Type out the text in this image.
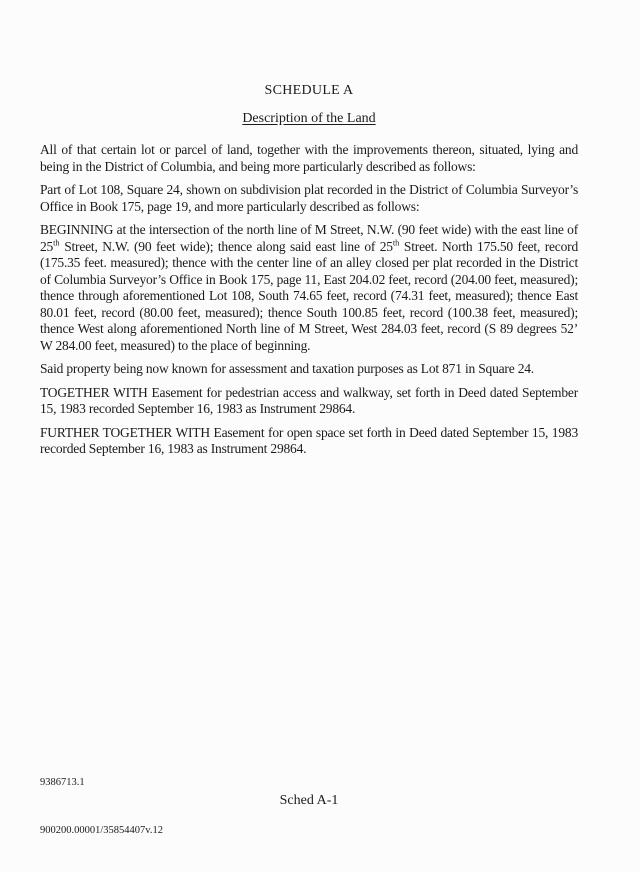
SCHEDULE A
Description of the Land

All of that certain lot or parcel of land, together with the improvements thereon, situated, lying and being in the District of Columbia, and being more particularly described as follows:

Part of Lot 108, Square 24, shown on subdivision plat recorded in the District of Columbia Surveyor’s Office in Book 175, page 19, and more particularly described as follows:

BEGINNING at the intersection of the north line of M Street, N.W. (90 feet wide) with the east line of 25th Street, N.W. (90 feet wide); thence along said east line of 25th Street. North 175.50 feet, record (175.35 feet. measured); thence with the center line of an alley closed per plat recorded in the District of Columbia Surveyor’s Office in Book 175, page 11, East 204.02 feet, record (204.00 feet, measured); thence through aforementioned Lot 108, South 74.65 feet, record (74.31 feet, measured); thence East 80.01 feet, record (80.00 feet, measured); thence South 100.85 feet, record (100.38 feet, measured); thence West along aforementioned North line of M Street, West 284.03 feet, record (S 89 degrees 52’ W 284.00 feet, measured) to the place of beginning.

Said property being now known for assessment and taxation purposes as Lot 871 in Square 24.

TOGETHER WITH Easement for pedestrian access and walkway, set forth in Deed dated September 15, 1983 recorded September 16, 1983 as Instrument 29864.

FURTHER TOGETHER WITH Easement for open space set forth in Deed dated September 15, 1983 recorded September 16, 1983 as Instrument 29864.

9386713.1
Sched A-1
900200.00001/35854407v.12
